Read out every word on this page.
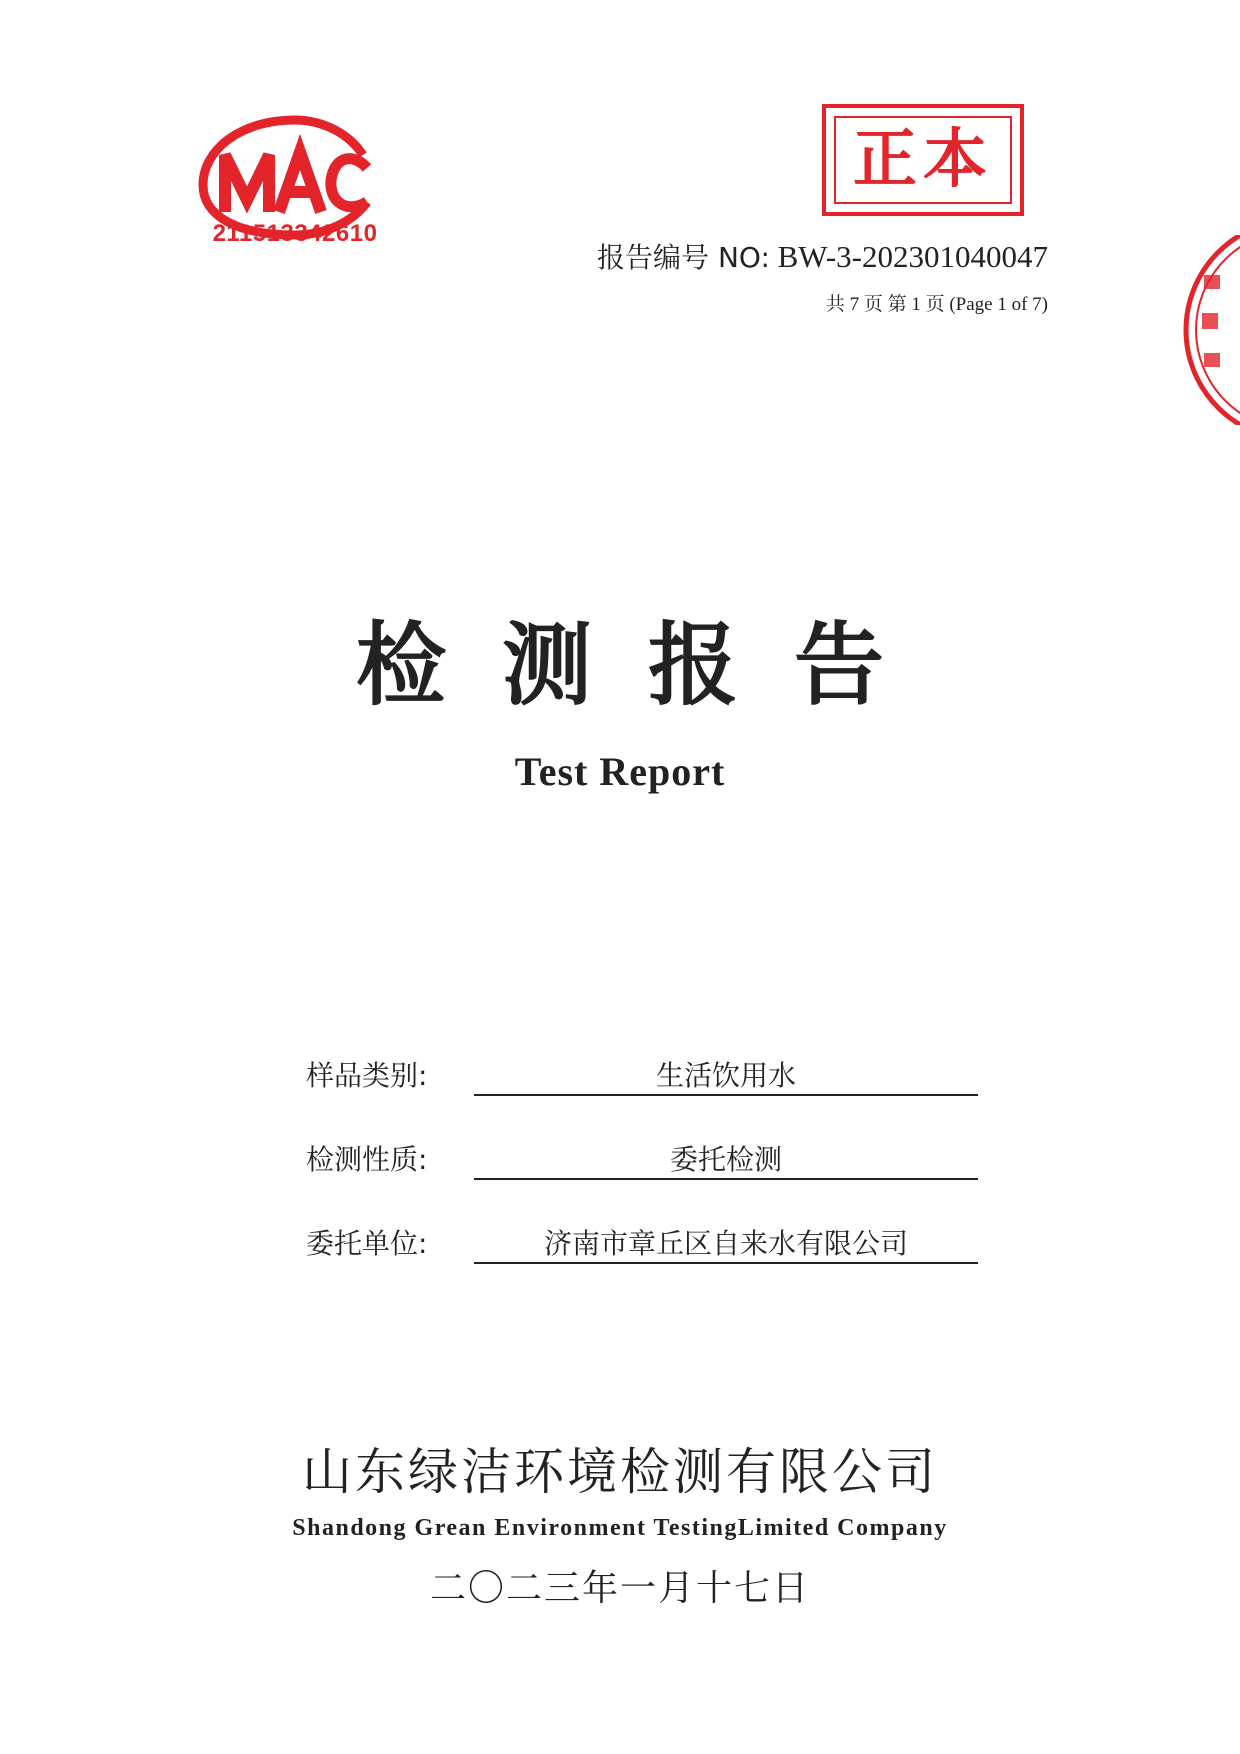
211513342610
正本
报告编号 NO: BW-3-202301040047
共 7 页 第 1 页 (Page 1 of 7)
检 测 报 告
Test Report
样品类别:	生活饮用水
检测性质:	委托检测
委托单位:	济南市章丘区自来水有限公司
山东绿洁环境检测有限公司
Shandong Grean Environment TestingLimited Company
二〇二三年一月十七日
